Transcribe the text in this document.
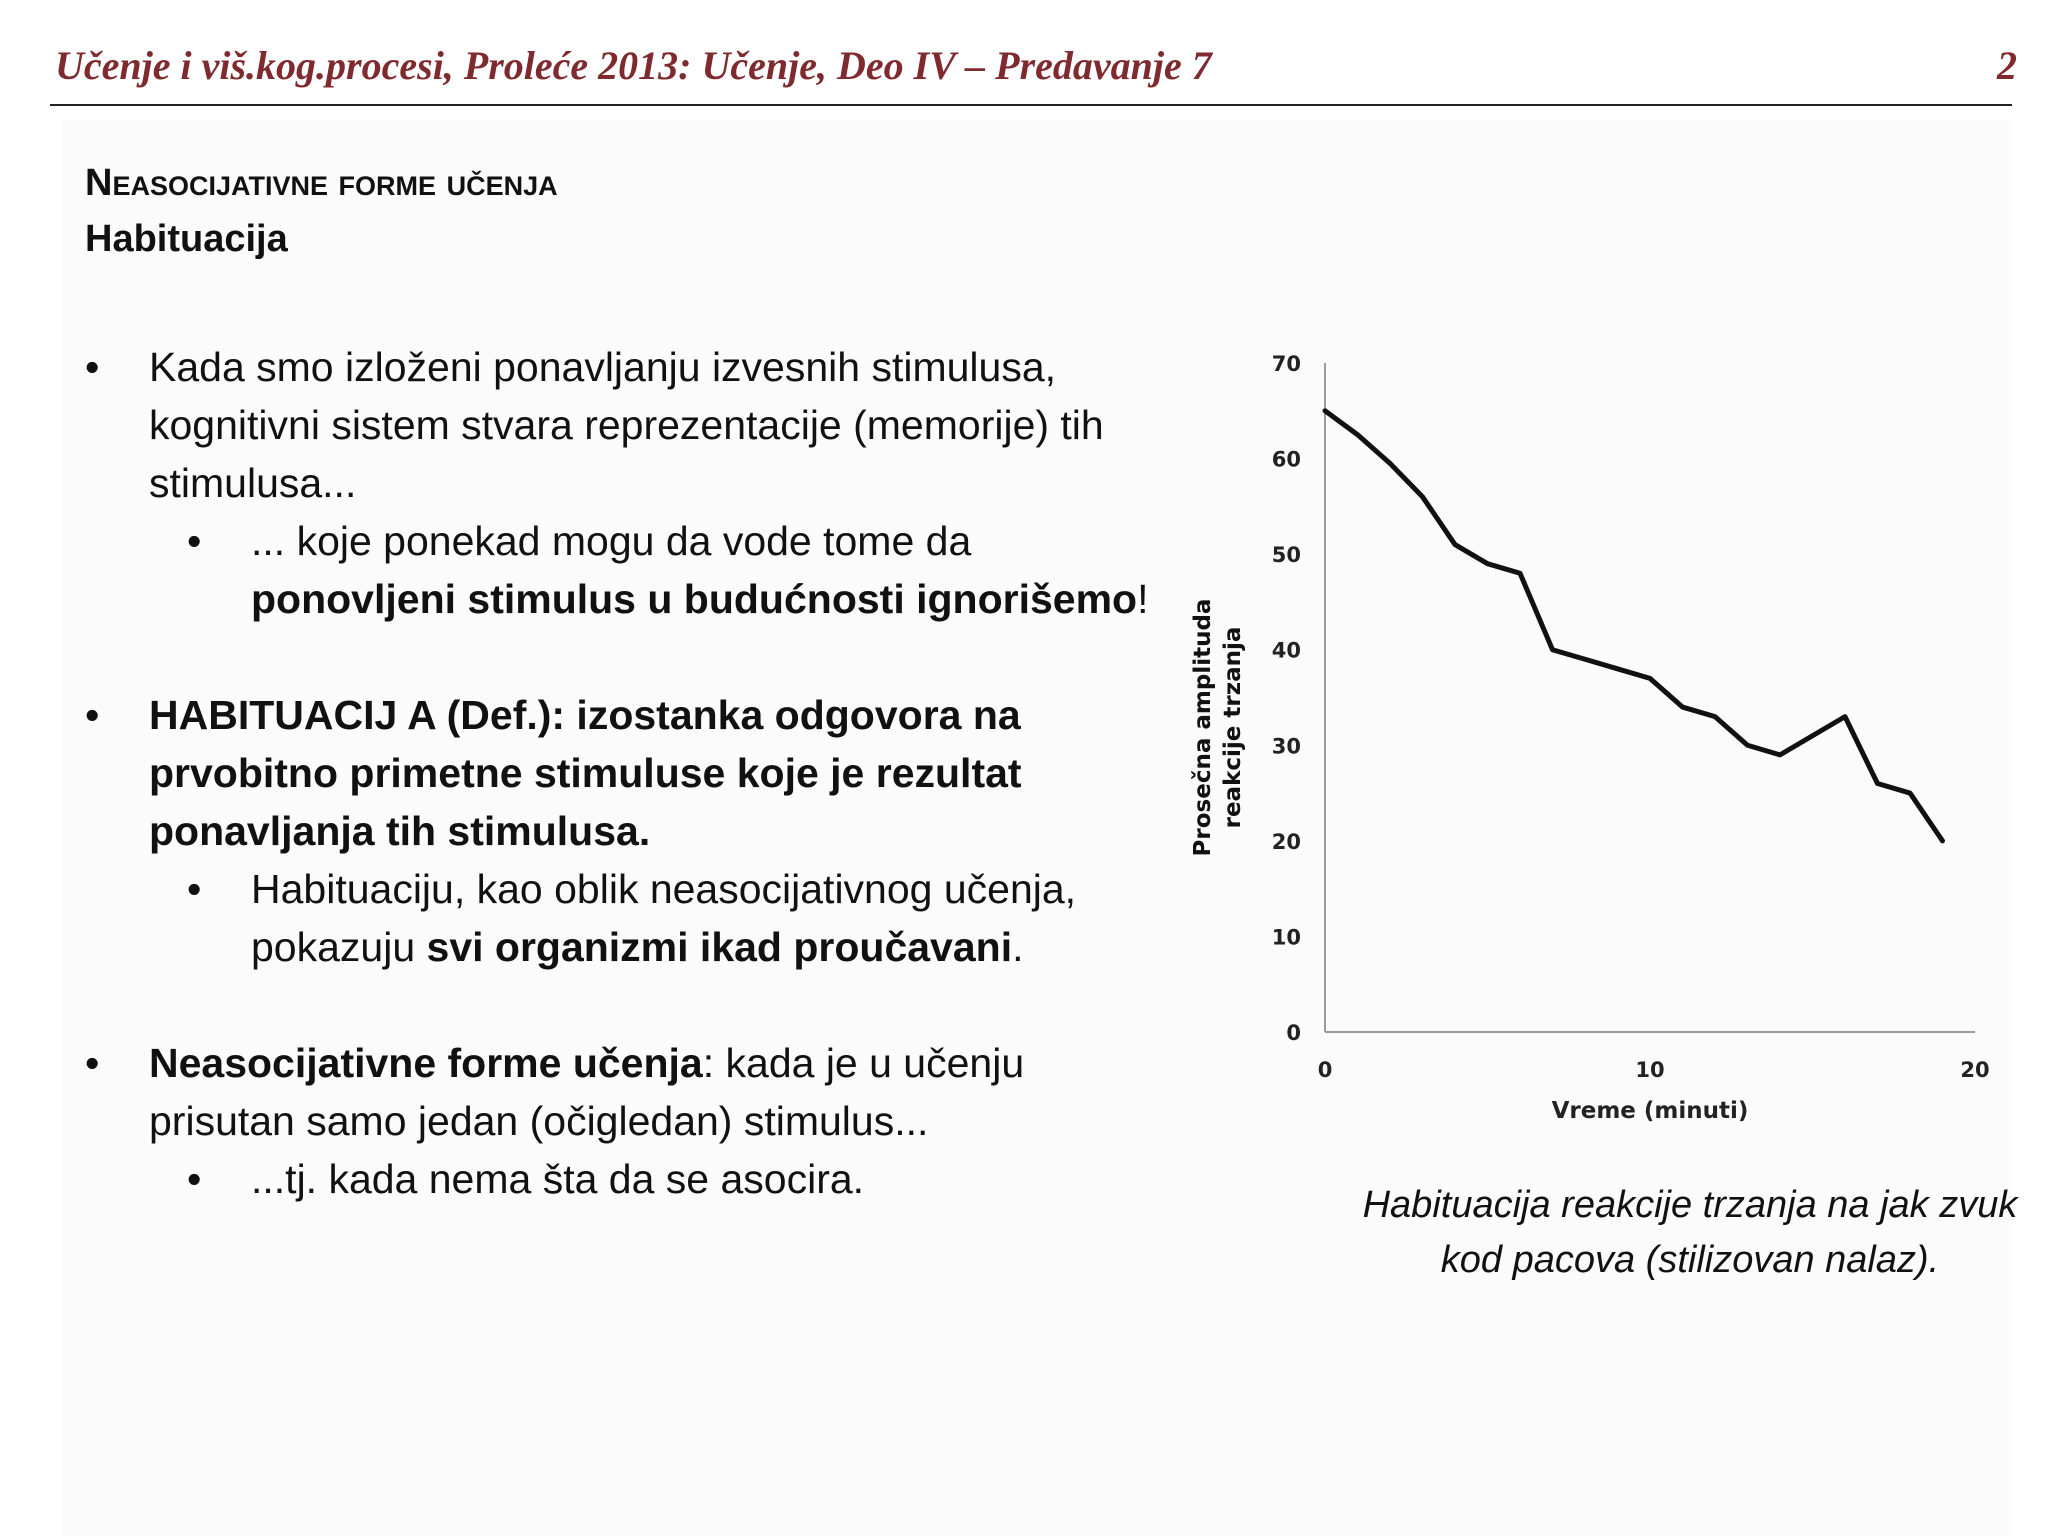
Učenje i viš.kog.procesi, Proleće 2013: Učenje, Deo IV – Predavanje 7	2
Neasocijativne forme učenja
Habituacija
• Kada smo izloženi ponavljanju izvesnih stimulusa, kognitivni sistem stvara reprezentacije (memorije) tih stimulusa...
• ... koje ponekad mogu da vode tome da ponovljeni stimulus u budućnosti ignorišemo!
• HABITUACIJ A (Def.): izostanka odgovora na prvobitno primetne stimuluse koje je rezultat ponavljanja tih stimulusa.
• Habituaciju, kao oblik neasocijativnog učenja, pokazuju svi organizmi ikad proučavani.
• Neasocijativne forme učenja: kada je u učenju prisutan samo jedan (očigledan) stimulus...
• ...tj. kada nema šta da se asocira.
0
10
20
30
40
50
60
70
0	10	20
Vreme (minuti)
Prosečna amplituda reakcije trzanja
Habituacija reakcije trzanja na jak zvuk kod pacova (stilizovan nalaz).
